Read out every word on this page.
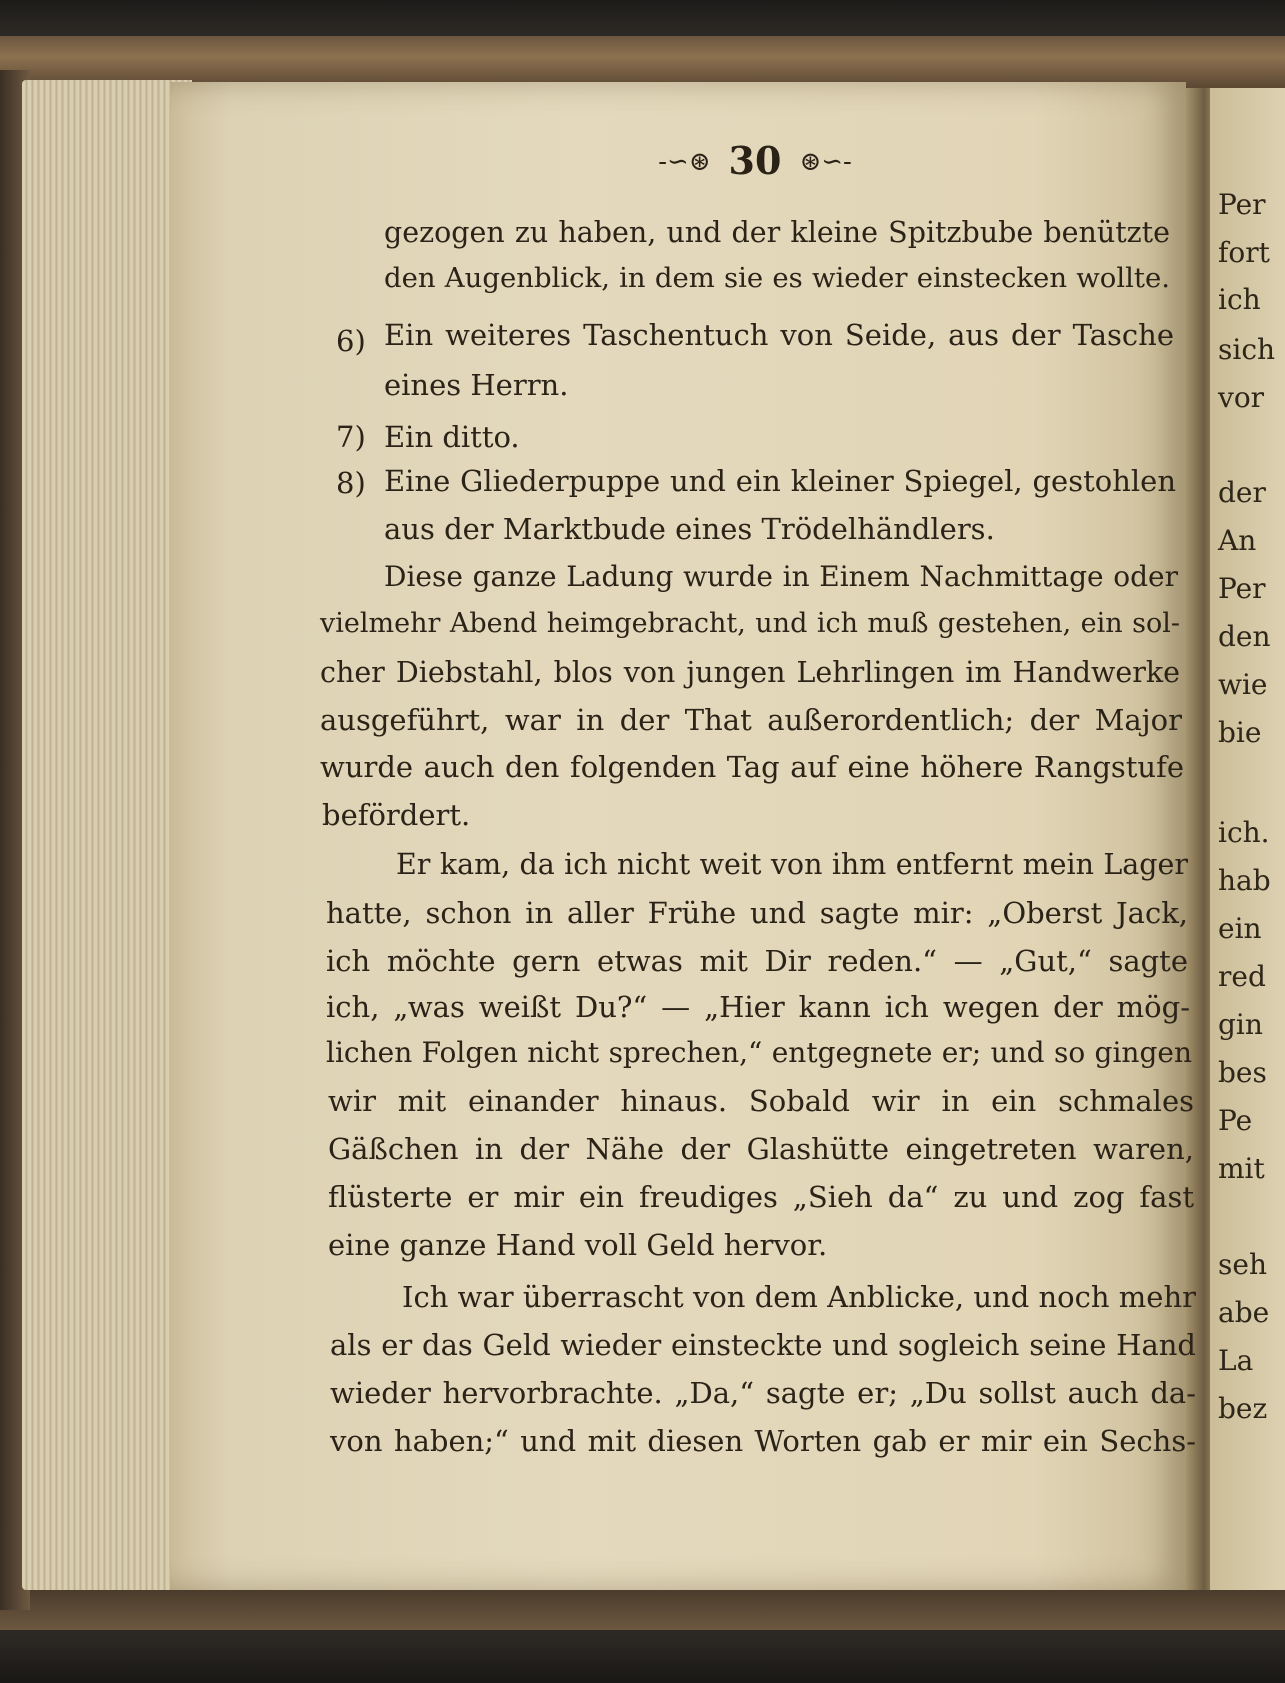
Per
fort
ich
sich
vor
der
An
Per
den
wie
bie
ich.
hab
ein
red
gin
bes
Pe
mit
seh
abe
La
bez
-∽⊛ 30 ⊛∽-
6)
7)
8)
gezogen zu haben, und der kleine Spitzbube benützte
den Augenblick, in dem sie es wieder einstecken wollte.
Ein weiteres Taschentuch von Seide, aus der Tasche
eines Herrn.
Ein ditto.
Eine Gliederpuppe und ein kleiner Spiegel, gestohlen
aus der Marktbude eines Trödelhändlers.
Diese ganze Ladung wurde in Einem Nachmittage oder
vielmehr Abend heimgebracht, und ich muß gestehen, ein sol-
cher Diebstahl, blos von jungen Lehrlingen im Handwerke
ausgeführt, war in der That außerordentlich; der Major
wurde auch den folgenden Tag auf eine höhere Rangstufe
befördert.
Er kam, da ich nicht weit von ihm entfernt mein Lager
hatte, schon in aller Frühe und sagte mir: „Oberst Jack,
ich möchte gern etwas mit Dir reden.“ — „Gut,“ sagte
ich, „was weißt Du?“ — „Hier kann ich wegen der mög-
lichen Folgen nicht sprechen,“ entgegnete er; und so gingen
wir mit einander hinaus. Sobald wir in ein schmales
Gäßchen in der Nähe der Glashütte eingetreten waren,
flüsterte er mir ein freudiges „Sieh da“ zu und zog fast
eine ganze Hand voll Geld hervor.
Ich war überrascht von dem Anblicke, und noch mehr
als er das Geld wieder einsteckte und sogleich seine Hand
wieder hervorbrachte. „Da,“ sagte er; „Du sollst auch da-
von haben;“ und mit diesen Worten gab er mir ein Sechs-
